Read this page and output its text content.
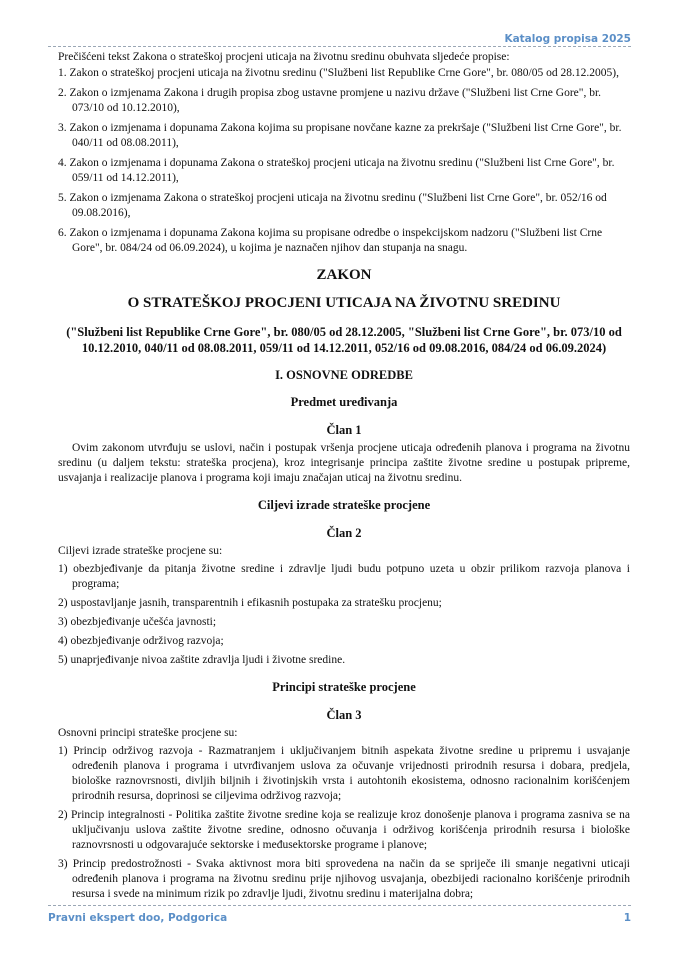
Katalog propisa 2025

Prečišćeni tekst Zakona o strateškoj procjeni uticaja na životnu sredinu obuhvata sljedeće propise:

1. Zakon o strateškoj procjeni uticaja na životnu sredinu ("Službeni list Republike Crne Gore", br. 080/05 od 28.12.2005),

2. Zakon o izmjenama Zakona i drugih propisa zbog ustavne promjene u nazivu države ("Službeni list Crne Gore", br. 073/10 od 10.12.2010),

3. Zakon o izmjenama i dopunama Zakona kojima su propisane novčane kazne za prekršaje ("Službeni list Crne Gore", br. 040/11 od 08.08.2011),

4. Zakon o izmjenama i dopunama Zakona o strateškoj procjeni uticaja na životnu sredinu ("Službeni list Crne Gore", br. 059/11 od 14.12.2011),

5. Zakon o izmjenama Zakona o strateškoj procjeni uticaja na životnu sredinu ("Službeni list Crne Gore", br. 052/16 od 09.08.2016),

6. Zakon o izmjenama i dopunama Zakona kojima su propisane odredbe o inspekcijskom nadzoru ("Službeni list Crne Gore", br. 084/24 od 06.09.2024), u kojima je naznačen njihov dan stupanja na snagu.

ZAKON
O STRATEŠKOJ PROCJENI UTICAJA NA ŽIVOTNU SREDINU
("Službeni list Republike Crne Gore", br. 080/05 od 28.12.2005, "Službeni list Crne Gore", br. 073/10 od 10.12.2010, 040/11 od 08.08.2011, 059/11 od 14.12.2011, 052/16 od 09.08.2016, 084/24 od 06.09.2024)
I. OSNOVNE ODREDBE
Predmet uređivanja
Član 1

Ovim zakonom utvrđuju se uslovi, način i postupak vršenja procjene uticaja određenih planova i programa na životnu sredinu (u daljem tekstu: strateška procjena), kroz integrisanje principa zaštite životne sredine u postupak pripreme, usvajanja i realizacije planova i programa koji imaju značajan uticaj na životnu sredinu.

Ciljevi izrade strateške procjene
Član 2

Ciljevi izrade strateške procjene su:

1) obezbjeđivanje da pitanja životne sredine i zdravlje ljudi budu potpuno uzeta u obzir prilikom razvoja planova i programa;

2) uspostavljanje jasnih, transparentnih i efikasnih postupaka za stratešku procjenu;

3) obezbjeđivanje učešća javnosti;

4) obezbjeđivanje održivog razvoja;

5) unaprjeđivanje nivoa zaštite zdravlja ljudi i životne sredine.

Principi strateške procjene
Član 3

Osnovni principi strateške procjene su:

1) Princip održivog razvoja - Razmatranjem i uključivanjem bitnih aspekata životne sredine u pripremu i usvajanje određenih planova i programa i utvrđivanjem uslova za očuvanje vrijednosti prirodnih resursa i dobara, predjela, biološke raznovrsnosti, divljih biljnih i životinjskih vrsta i autohtonih ekosistema, odnosno racionalnim korišćenjem prirodnih resursa, doprinosi se ciljevima održivog razvoja;

2) Princip integralnosti - Politika zaštite životne sredine koja se realizuje kroz donošenje planova i programa zasniva se na uključivanju uslova zaštite životne sredine, odnosno očuvanja i održivog korišćenja prirodnih resursa i biološke raznovrsnosti u odgovarajuće sektorske i međusektorske programe i planove;

3) Princip predostrožnosti - Svaka aktivnost mora biti sprovedena na način da se spriječe ili smanje negativni uticaji određenih planova i programa na životnu sredinu prije njihovog usvajanja, obezbijedi racionalno korišćenje prirodnih resursa i svede na minimum rizik po zdravlje ljudi, životnu sredinu i materijalna dobra;

Pravni ekspert doo, Podgorica	1
